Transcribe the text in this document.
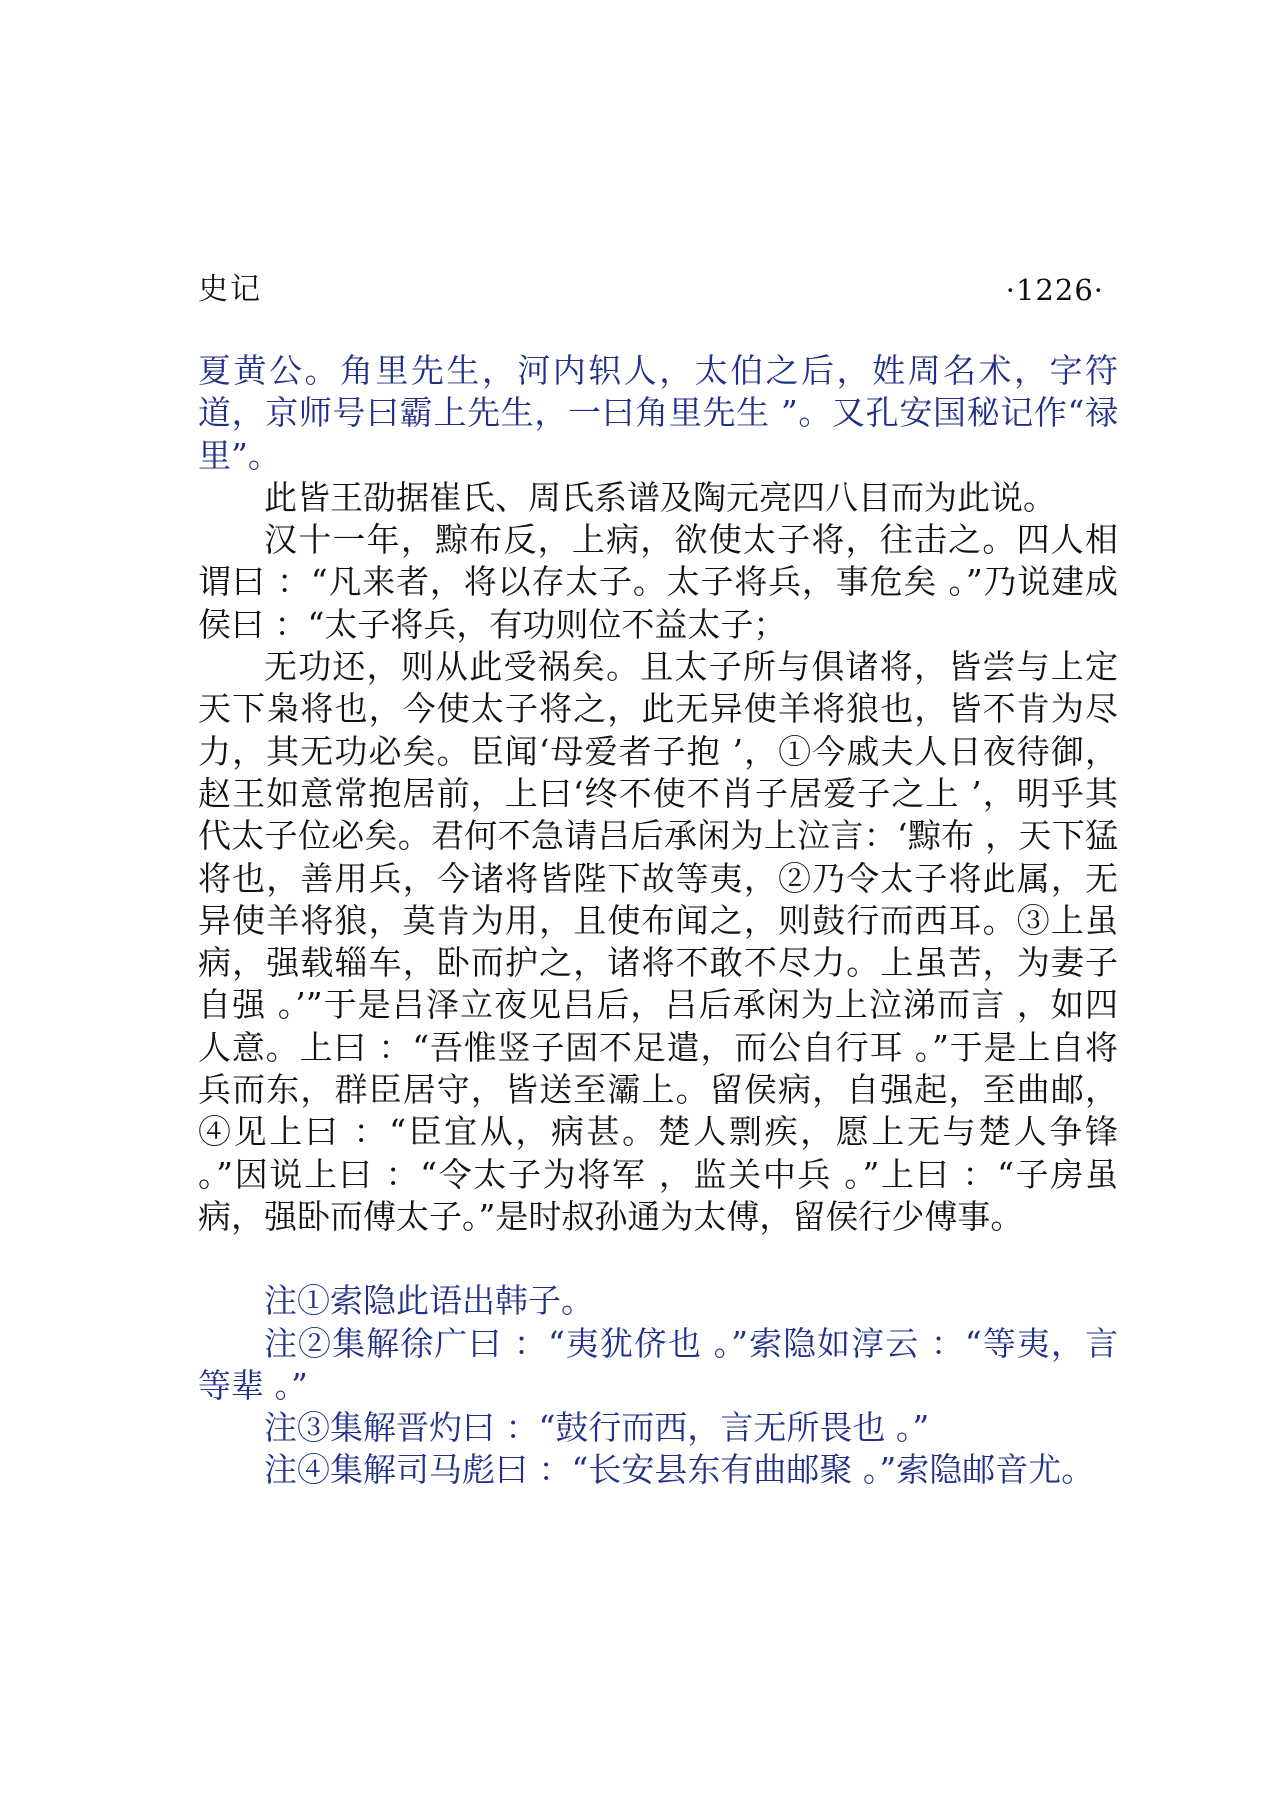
史记	·1226·

夏黄公。角里先生，河内轵人，太伯之后，姓周名术，字符道，京师号曰霸上先生，一曰角里先生 ”。又孔安国秘记作“禄里”。

此皆王劭据崔氏、周氏系谱及陶元亮四八目而为此说。

汉十一年，黥布反，上病，欲使太子将，往击之。四人相谓曰 ：“凡来者，将以存太子。太子将兵，事危矣 。”乃说建成侯曰 ：“太子将兵，有功则位不益太子；

无功还，则从此受祸矣。且太子所与俱诸将，皆尝与上定天下枭将也，今使太子将之，此无异使羊将狼也，皆不肯为尽力，其无功必矣。臣闻‘母爱者子抱 ’，①今戚夫人日夜待御，赵王如意常抱居前，上曰‘终不使不肖子居爱子之上 ’，明乎其代太子位必矣。君何不急请吕后承闲为上泣言：‘黥布 ，天下猛将也，善用兵，今诸将皆陛下故等夷，②乃令太子将此属，无异使羊将狼，莫肯为用，且使布闻之，则鼓行而西耳。③上虽病，强载辎车，卧而护之，诸将不敢不尽力。上虽苦，为妻子自强 。’”于是吕泽立夜见吕后，吕后承闲为上泣涕而言 ，如四人意。上曰 ：“吾惟竖子固不足遣，而公自行耳 。”于是上自将兵而东，群臣居守，皆送至灞上。留侯病，自强起，至曲邮，④见上曰 ：“臣宜从，病甚。楚人剽疾，愿上无与楚人争锋 。”因说上曰 ：“令太子为将军 ，监关中兵 。”上曰 ：“子房虽病，强卧而傅太子。”是时叔孙通为太傅，留侯行少傅事。

注①索隐此语出韩子。

注②集解徐广曰 ：“夷犹侪也 。”索隐如淳云 ：“等夷，言等辈 。”

注③集解晋灼曰 ：“鼓行而西，言无所畏也 。”

注④集解司马彪曰 ：“长安县东有曲邮聚 。”索隐邮音尤。
